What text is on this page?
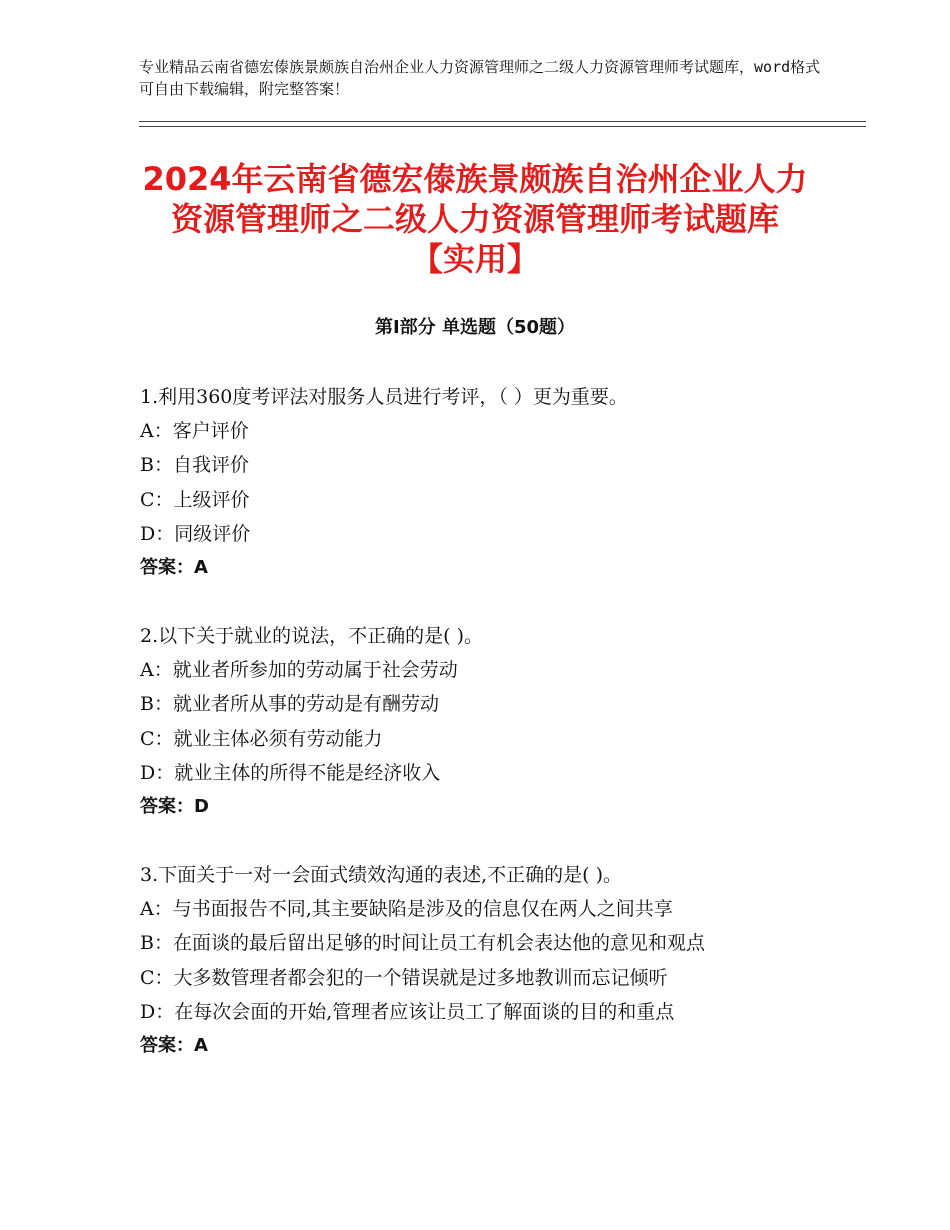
专业精品云南省德宏傣族景颇族自治州企业人力资源管理师之二级人力资源管理师考试题库，word格式可自由下载编辑，附完整答案！
2024年云南省德宏傣族景颇族自治州企业人力资源管理师之二级人力资源管理师考试题库【实用】
第Ⅰ部分 单选题（50题）
1.利用360度考评法对服务人员进行考评，（ ）更为重要。
A：客户评价
B：自我评价
C：上级评价
D：同级评价
答案：A
2.以下关于就业的说法，不正确的是( )。
A：就业者所参加的劳动属于社会劳动
B：就业者所从事的劳动是有酬劳动
C：就业主体必须有劳动能力
D：就业主体的所得不能是经济收入
答案：D
3.下面关于一对一会面式绩效沟通的表述,不正确的是( )。
A：与书面报告不同,其主要缺陷是涉及的信息仅在两人之间共享
B：在面谈的最后留出足够的时间让员工有机会表达他的意见和观点
C：大多数管理者都会犯的一个错误就是过多地教训而忘记倾听
D：在每次会面的开始,管理者应该让员工了解面谈的目的和重点
答案：A
